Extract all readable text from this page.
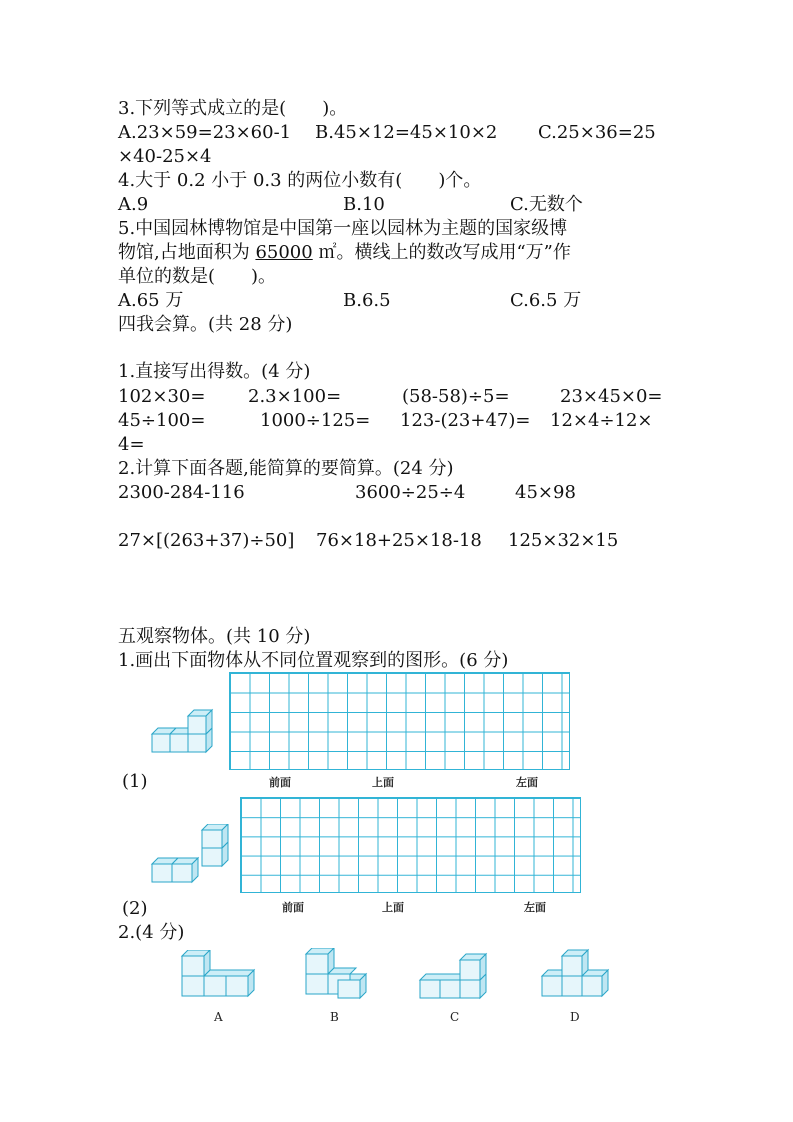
3.下列等式成立的是(　　)。
A.23×59=23×60-1 B.45×12=45×10×2 C.25×36=25
×40-25×4
4.大于 0.2 小于 0.3 的两位小数有(　　)个。
A.9	B.10	C.无数个
5.中国园林博物馆是中国第一座以园林为主题的国家级博
物馆,占地面积为 65000 ㎡。横线上的数改写成用“万”作
单位的数是(　　)。
A.65 万	B.6.5	C.6.5 万
四我会算。(共 28 分)
1.直接写出得数。(4 分)
102×30= 2.3×100=	(58-58)÷5=	23×45×0=
45÷100=	1000÷125= 123-(23+47)= 12×4÷12×
4=
2.计算下面各题,能简算的要简算。(24 分)
2300-284-116	3600÷25÷4	45×98
27×[(263+37)÷50] 76×18+25×18-18 125×32×15
五观察物体。(共 10 分)
1.画出下面物体从不同位置观察到的图形。(6 分)
(1)	前面	上面	左面
(2)	前面	上面	左面
2.(4 分)
A	B	C	D
